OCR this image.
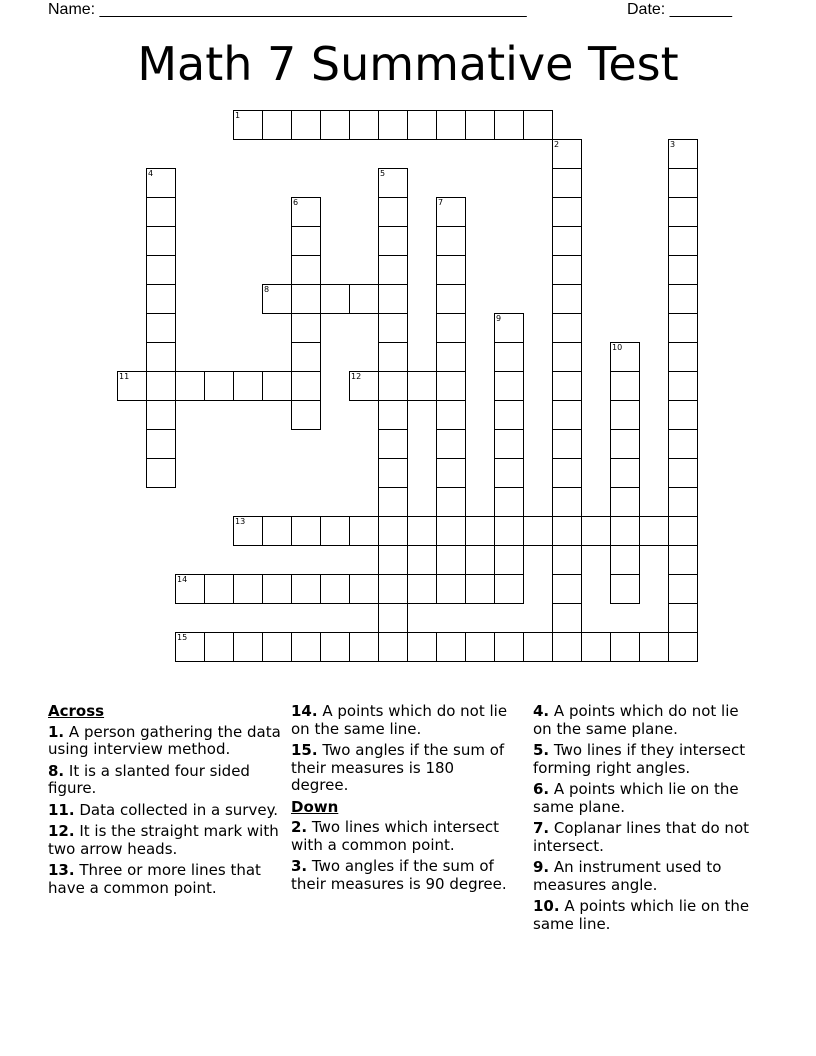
Name: ________________________________________________	Date: _______
Math 7 Summative Test
1
2	3
4	5
6	7
8
9
10
11	12
13
14
15
Across
1. A person gathering the data using interview method.
8. It is a slanted four sided figure.
11. Data collected in a survey.
12. It is the straight mark with two arrow heads.
13. Three or more lines that have a common point.
14. A points which do not lie on the same line.
15. Two angles if the sum of their measures is 180 degree.
Down
2. Two lines which intersect with a common point.
3. Two angles if the sum of their measures is 90 degree.
4. A points which do not lie on the same plane.
5. Two lines if they intersect forming right angles.
6. A points which lie on the same plane.
7. Coplanar lines that do not intersect.
9. An instrument used to measures angle.
10. A points which lie on the same line.
